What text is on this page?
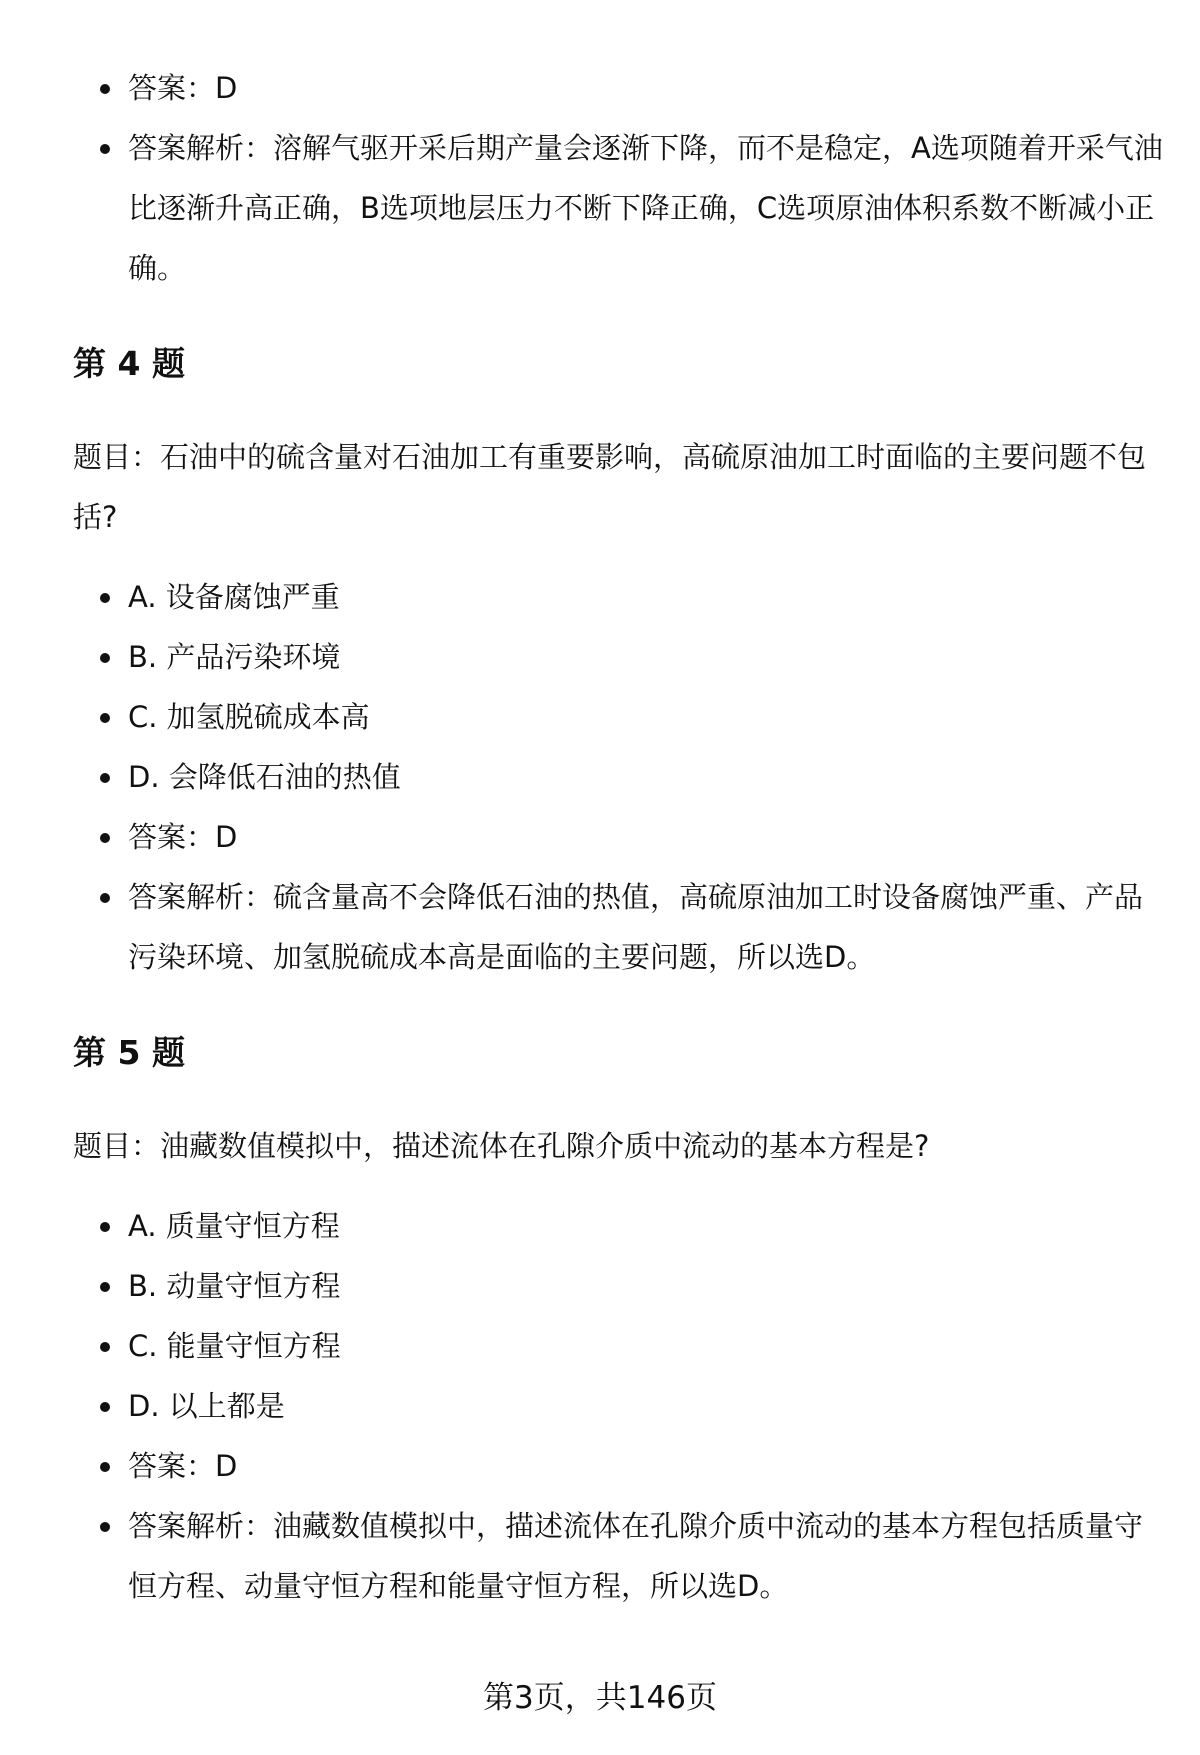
答案：D
答案解析：溶解气驱开采后期产量会逐渐下降，而不是稳定，A选项随着开采气油比逐渐升高正确，B选项地层压力不断下降正确，C选项原油体积系数不断减小正确。
第 4 题

题目：石油中的硫含量对石油加工有重要影响，高硫原油加工时面临的主要问题不包括?

A. 设备腐蚀严重
B. 产品污染环境
C. 加氢脱硫成本高
D. 会降低石油的热值
答案：D
答案解析：硫含量高不会降低石油的热值，高硫原油加工时设备腐蚀严重、产品污染环境、加氢脱硫成本高是面临的主要问题，所以选D。
第 5 题

题目：油藏数值模拟中，描述流体在孔隙介质中流动的基本方程是?

A. 质量守恒方程
B. 动量守恒方程
C. 能量守恒方程
D. 以上都是
答案：D
答案解析：油藏数值模拟中，描述流体在孔隙介质中流动的基本方程包括质量守恒方程、动量守恒方程和能量守恒方程，所以选D。
第3页，共146页
